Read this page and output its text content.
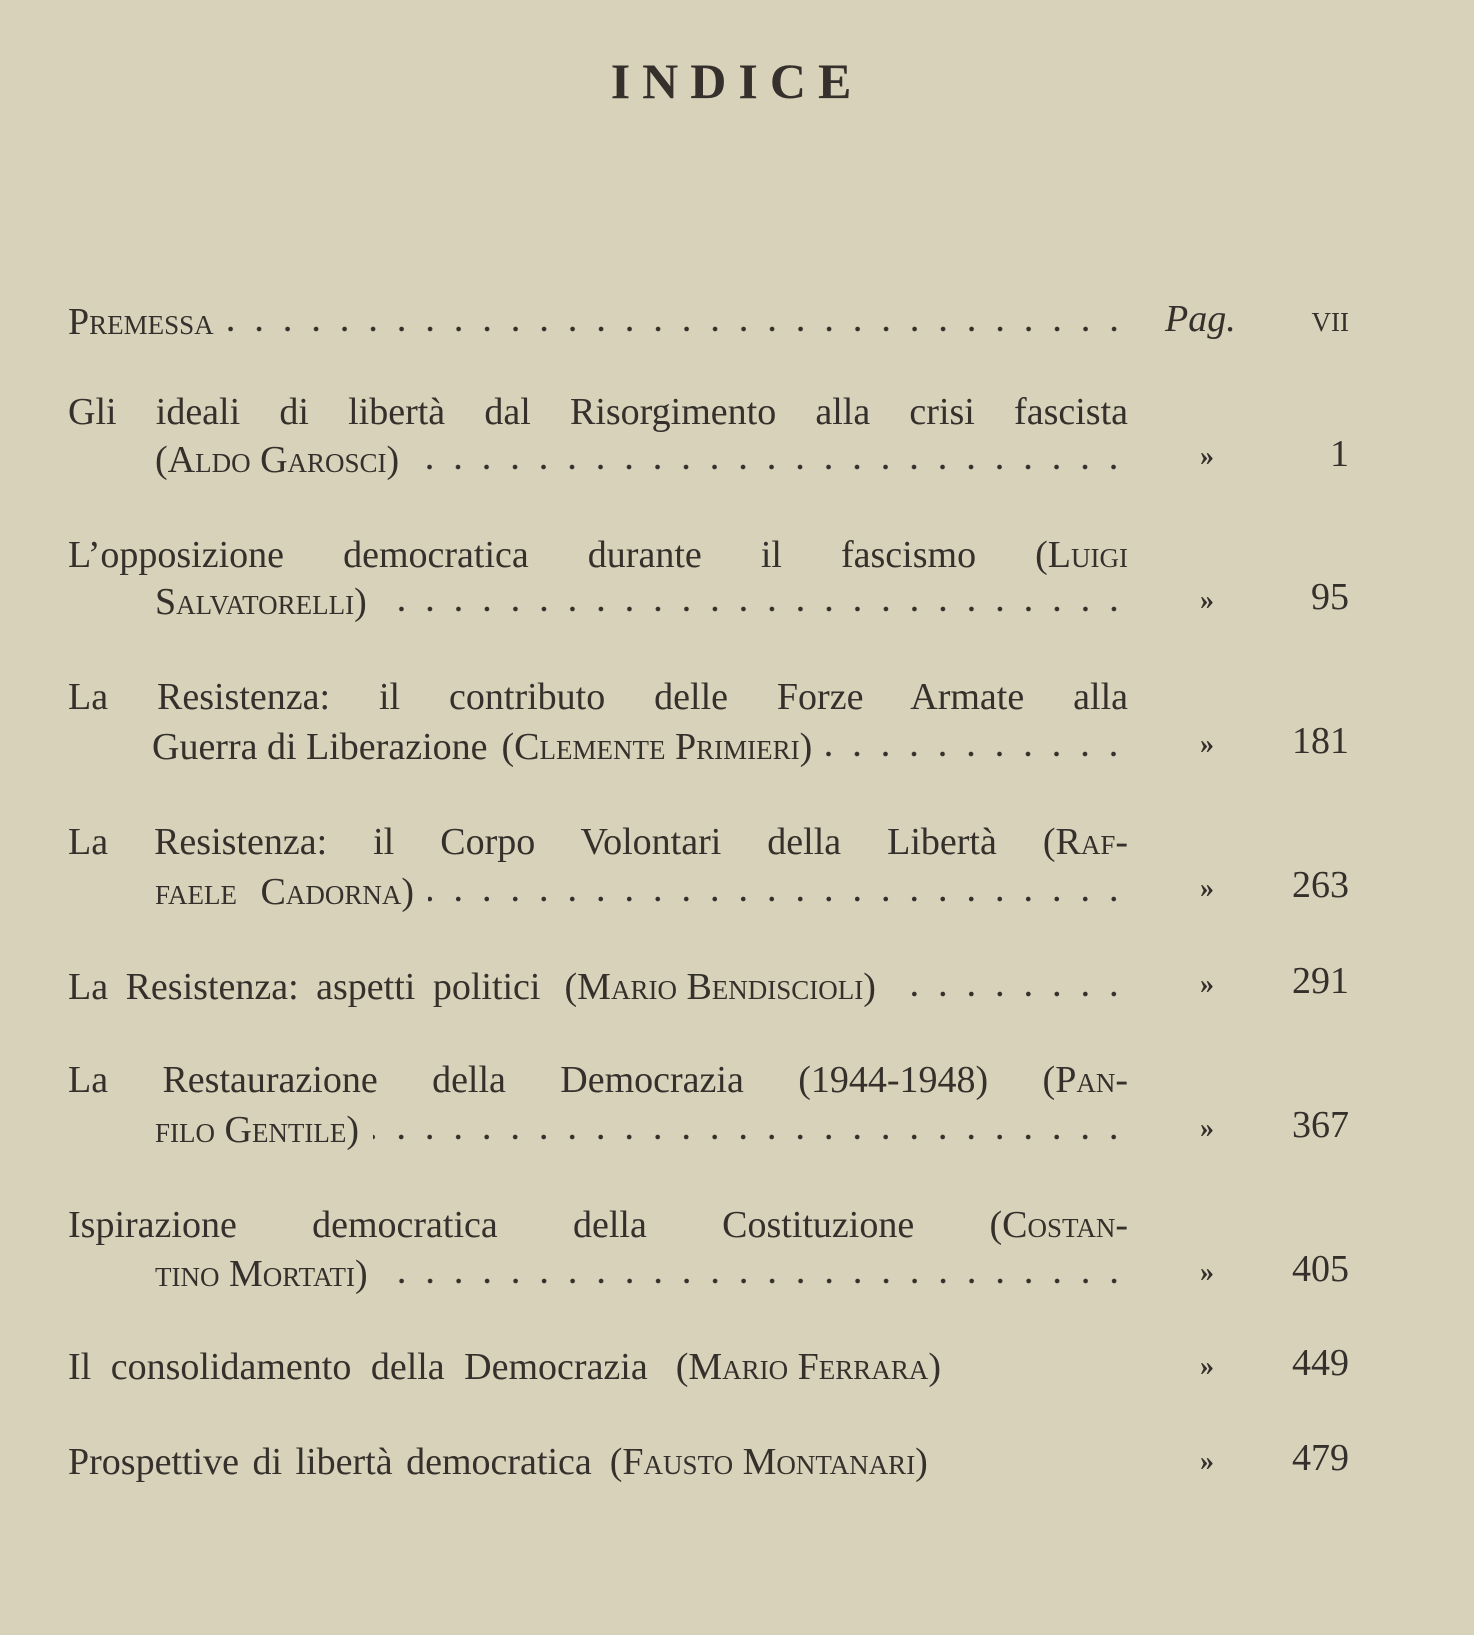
INDICE
Premessa	Pag. vii
Gli ideali di libertà dal Risorgimento alla crisi fascista
(Aldo Garosci)	»	1
L’opposizione democratica durante il fascismo (Luigi
Salvatorelli)	»	95
La Resistenza: il contributo delle Forze Armate alla
Guerra di Liberazione (Clemente Primieri)	»	181
La Resistenza: il Corpo Volontari della Libertà (Raf-
faele Cadorna)	»	263
La Resistenza: aspetti politici (Mario Bendiscioli)	»	291
La Restaurazione della Democrazia (1944-1948) (Pan-
filo Gentile)	»	367
Ispirazione democratica della Costituzione (Costan-
tino Mortati)	»	405
Il consolidamento della Democrazia (Mario Ferrara)	»	449
Prospettive di libertà democratica (Fausto Montanari)	»	479
